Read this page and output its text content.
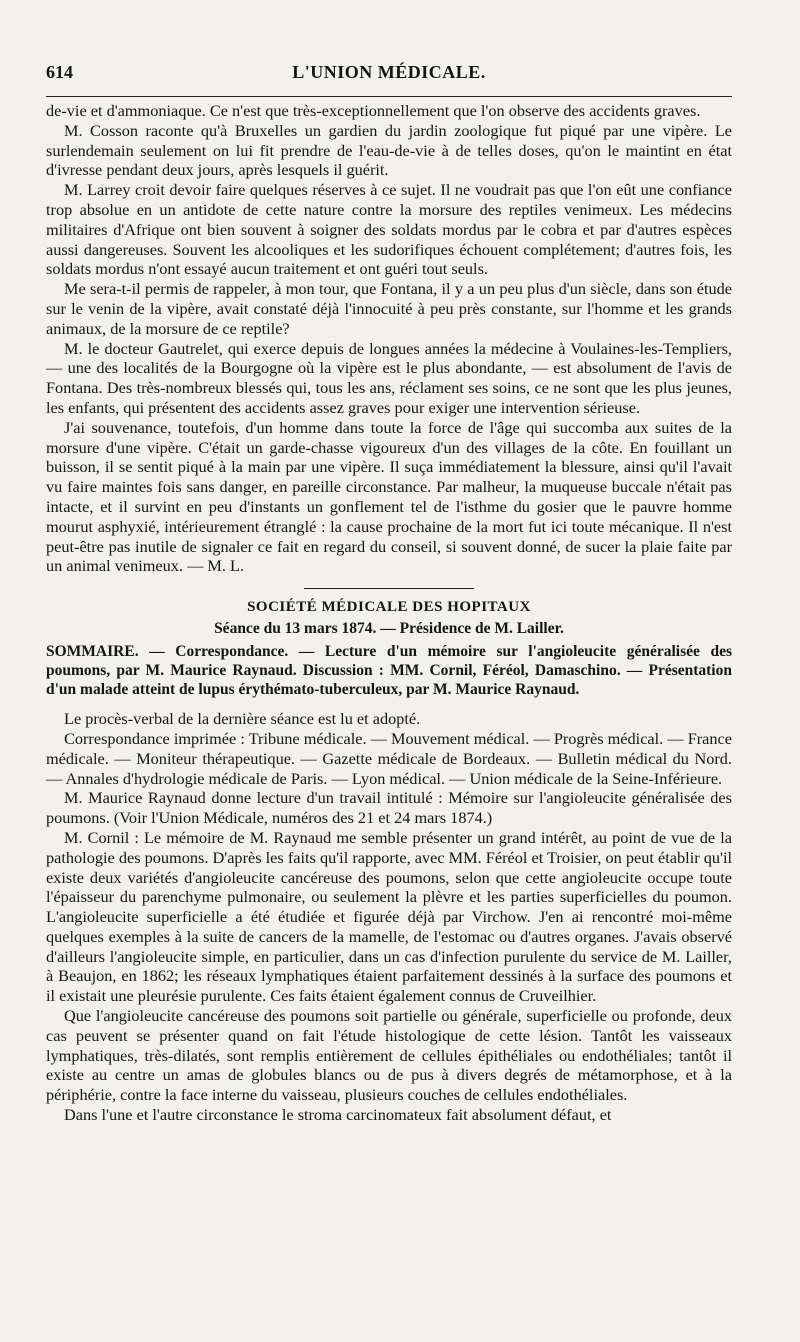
614	L'UNION MÉDICALE.

de-vie et d'ammoniaque. Ce n'est que très-exceptionnellement que l'on observe des accidents graves.

M. Cosson raconte qu'à Bruxelles un gardien du jardin zoologique fut piqué par une vipère. Le surlendemain seulement on lui fit prendre de l'eau-de-vie à de telles doses, qu'on le maintint en état d'ivresse pendant deux jours, après lesquels il guérit.

M. Larrey croit devoir faire quelques réserves à ce sujet. Il ne voudrait pas que l'on eût une confiance trop absolue en un antidote de cette nature contre la morsure des reptiles venimeux. Les médecins militaires d'Afrique ont bien souvent à soigner des soldats mordus par le cobra et par d'autres espèces aussi dangereuses. Souvent les alcooliques et les sudorifiques échouent complétement; d'autres fois, les soldats mordus n'ont essayé aucun traitement et ont guéri tout seuls.

Me sera-t-il permis de rappeler, à mon tour, que Fontana, il y a un peu plus d'un siècle, dans son étude sur le venin de la vipère, avait constaté déjà l'innocuité à peu près constante, sur l'homme et les grands animaux, de la morsure de ce reptile?

M. le docteur Gautrelet, qui exerce depuis de longues années la médecine à Voulaines-les-Templiers, — une des localités de la Bourgogne où la vipère est le plus abondante, — est absolument de l'avis de Fontana. Des très-nombreux blessés qui, tous les ans, réclament ses soins, ce ne sont que les plus jeunes, les enfants, qui présentent des accidents assez graves pour exiger une intervention sérieuse.

J'ai souvenance, toutefois, d'un homme dans toute la force de l'âge qui succomba aux suites de la morsure d'une vipère. C'était un garde-chasse vigoureux d'un des villages de la côte. En fouillant un buisson, il se sentit piqué à la main par une vipère. Il suça immédiatement la blessure, ainsi qu'il l'avait vu faire maintes fois sans danger, en pareille circonstance. Par malheur, la muqueuse buccale n'était pas intacte, et il survint en peu d'instants un gonflement tel de l'isthme du gosier que le pauvre homme mourut asphyxié, intérieurement étranglé : la cause prochaine de la mort fut ici toute mécanique. Il n'est peut-être pas inutile de signaler ce fait en regard du conseil, si souvent donné, de sucer la plaie faite par un animal venimeux. — M. L.

SOCIÉTÉ MÉDICALE DES HOPITAUX
Séance du 13 mars 1874. — Présidence de M. Lailler.
SOMMAIRE. — Correspondance. — Lecture d'un mémoire sur l'angioleucite généralisée des poumons, par M. Maurice Raynaud. Discussion : MM. Cornil, Féréol, Damaschino. — Présentation d'un malade atteint de lupus érythémato-tuberculeux, par M. Maurice Raynaud.

Le procès-verbal de la dernière séance est lu et adopté.

Correspondance imprimée : Tribune médicale. — Mouvement médical. — Progrès médical. — France médicale. — Moniteur thérapeutique. — Gazette médicale de Bordeaux. — Bulletin médical du Nord. — Annales d'hydrologie médicale de Paris. — Lyon médical. — Union médicale de la Seine-Inférieure.

M. Maurice Raynaud donne lecture d'un travail intitulé : Mémoire sur l'angioleucite généralisée des poumons. (Voir l'Union Médicale, numéros des 21 et 24 mars 1874.)

M. Cornil : Le mémoire de M. Raynaud me semble présenter un grand intérêt, au point de vue de la pathologie des poumons. D'après les faits qu'il rapporte, avec MM. Féréol et Troisier, on peut établir qu'il existe deux variétés d'angioleucite cancéreuse des poumons, selon que cette angioleucite occupe toute l'épaisseur du parenchyme pulmonaire, ou seulement la plèvre et les parties superficielles du poumon. L'angioleucite superficielle a été étudiée et figurée déjà par Virchow. J'en ai rencontré moi-même quelques exemples à la suite de cancers de la mamelle, de l'estomac ou d'autres organes. J'avais observé d'ailleurs l'angioleucite simple, en particulier, dans un cas d'infection purulente du service de M. Lailler, à Beaujon, en 1862; les réseaux lymphatiques étaient parfaitement dessinés à la surface des poumons et il existait une pleurésie purulente. Ces faits étaient également connus de Cruveilhier.

Que l'angioleucite cancéreuse des poumons soit partielle ou générale, superficielle ou profonde, deux cas peuvent se présenter quand on fait l'étude histologique de cette lésion. Tantôt les vaisseaux lymphatiques, très-dilatés, sont remplis entièrement de cellules épithéliales ou endothéliales; tantôt il existe au centre un amas de globules blancs ou de pus à divers degrés de métamorphose, et à la périphérie, contre la face interne du vaisseau, plusieurs couches de cellules endothéliales.

Dans l'une et l'autre circonstance le stroma carcinomateux fait absolument défaut, et
